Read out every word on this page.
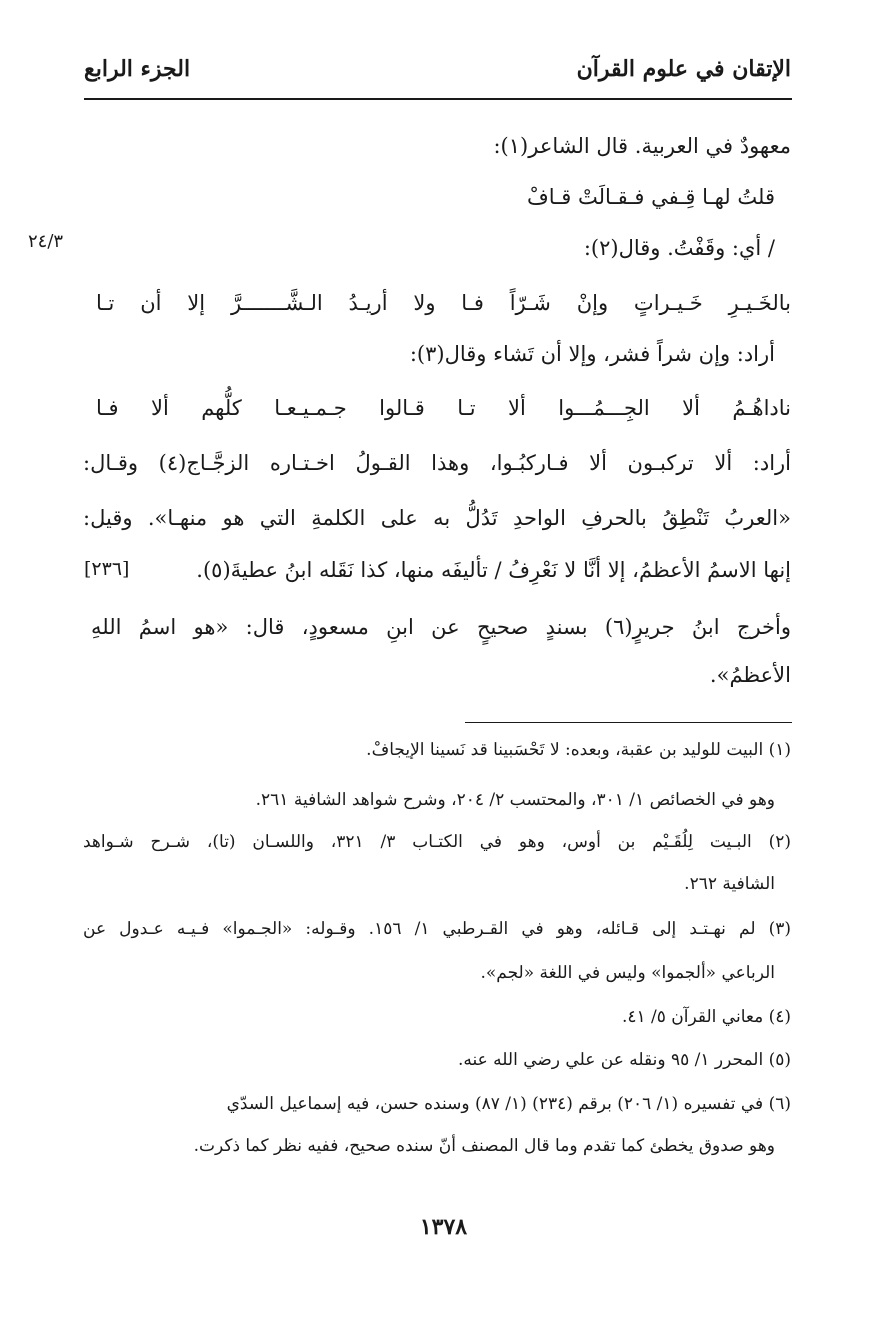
الإتقان في علوم القرآن
الجزء الرابع
٢٤/٣
معهودٌ في العربية. قال الشاعر(١):
قلتُ لهـا قِـفي فـقـالَتْ قـافْ
/ أي: وقَفْتُ. وقال(٢):
بالخَـيـرِ خَـيـراتٍ وإنْ شَـرّاً فـا ولا أريـدُ الـشَّـــــــرَّ إلا أن تـا
أراد: وإن شراً فشر، وإلا أن تَشاء وقال(٣):
ناداهُـمُ ألا الجِـــمُـــوا ألا تـا قـالوا جـمـيـعـا كلُّهم ألا فـا
أراد: ألا تركبـون ألا فـاركبُـوا، وهذا القـولُ اخـتـاره الزجَّـاج(٤) وقـال:
«العربُ تَنْطِقُ بالحرفِ الواحدِ تَدُلُّ به على الكلمةِ التي هو منهـا». وقيل:
[٢٣٦]	إنها الاسمُ الأعظمُ، إلا أنَّا لا نَعْرِفُ / تأليفَه منها، كذا نَقَله ابنُ عطيةَ(٥).
وأخرج ابنُ جريرٍ(٦) بسندٍ صحيحٍ عن ابنِ مسعودٍ، قال: «هو اسمُ اللهِ
الأعظمُ».
(١) البيت للوليد بن عقبة، وبعده: لا تَحْسَبينا قد نَسينا الإيجافْ.
وهو في الخصائص ١/ ٣٠١، والمحتسب ٢/ ٢٠٤، وشرح شواهد الشافية ٢٦١.
(٢) البـيت لِلُقَـيْم بن أوس، وهو في الكتـاب ٣/ ٣٢١، واللسـان (تا)، شـرح شـواهد
الشافية ٢٦٢.
(٣) لم نهـتـد إلى قـائله، وهو في القـرطبي ١/ ١٥٦. وقـوله: «الجـموا» فـيـه عـدول عن
الرباعي «ألجموا» وليس في اللغة «لجم».
(٤) معاني القرآن ٥/ ٤١.
(٥) المحرر ١/ ٩٥ ونقله عن علي رضي الله عنه.
(٦) في تفسيره (١/ ٢٠٦) برقم (٢٣٤) (١/ ٨٧) وسنده حسن، فيه إسماعيل السدّي
وهو صدوق يخطئ كما تقدم وما قال المصنف أنّ سنده صحيح، ففيه نظر كما ذكرت.
١٣٧٨
